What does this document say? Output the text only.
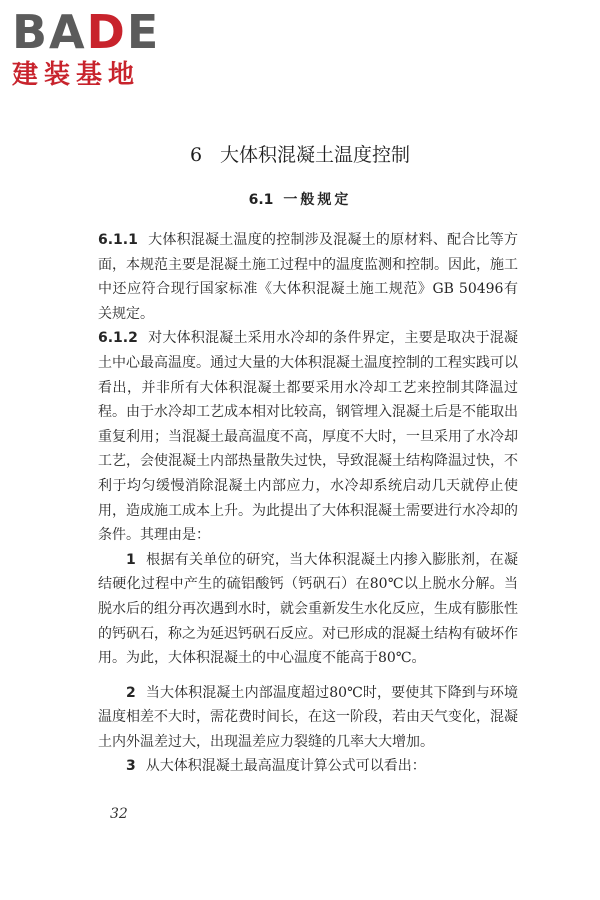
BADE
建装基地
6 大体积混凝土温度控制
6.1 一般规定

6.1.1 大体积混凝土温度的控制涉及混凝土的原材料、配合比等方面，本规范主要是混凝土施工过程中的温度监测和控制。因此，施工中还应符合现行国家标准《大体积混凝土施工规范》GB 50496有关规定。

6.1.2 对大体积混凝土采用水冷却的条件界定，主要是取决于混凝土中心最高温度。通过大量的大体积混凝土温度控制的工程实践可以看出，并非所有大体积混凝土都要采用水冷却工艺来控制其降温过程。由于水冷却工艺成本相对比较高，钢管埋入混凝土后是不能取出重复利用；当混凝土最高温度不高，厚度不大时，一旦采用了水冷却工艺，会使混凝土内部热量散失过快，导致混凝土结构降温过快，不利于均匀缓慢消除混凝土内部应力，水冷却系统启动几天就停止使用，造成施工成本上升。为此提出了大体积混凝土需要进行水冷却的条件。其理由是：

1 根据有关单位的研究，当大体积混凝土内掺入膨胀剂，在凝结硬化过程中产生的硫铝酸钙（钙矾石）在80℃以上脱水分解。当脱水后的组分再次遇到水时，就会重新发生水化反应，生成有膨胀性的钙矾石，称之为延迟钙矾石反应。对已形成的混凝土结构有破坏作用。为此，大体积混凝土的中心温度不能高于80℃。

2 当大体积混凝土内部温度超过80℃时，要使其下降到与环境温度相差不大时，需花费时间长，在这一阶段，若由天气变化，混凝土内外温差过大，出现温差应力裂缝的几率大大增加。

3 从大体积混凝土最高温度计算公式可以看出：

32
